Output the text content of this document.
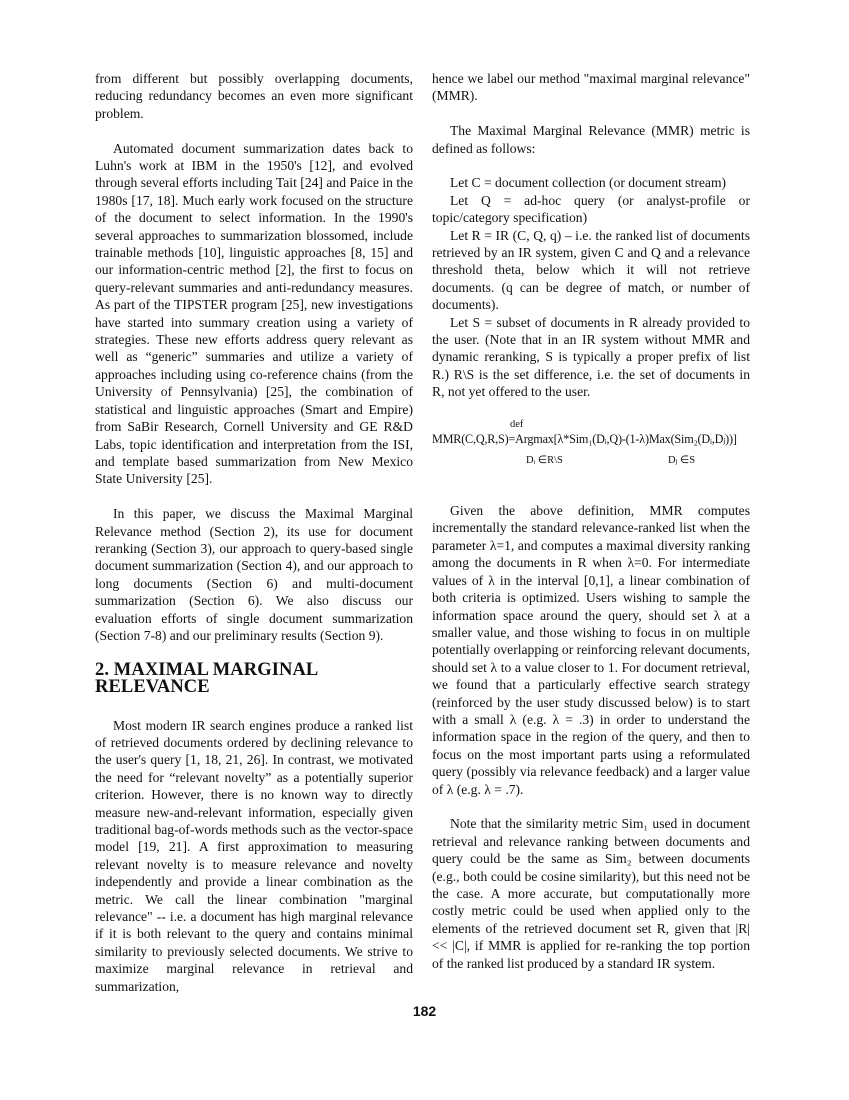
from different but possibly overlapping documents, reducing redundancy becomes an even more significant problem.

Automated document summarization dates back to Luhn's work at IBM in the 1950's [12], and evolved through several efforts including Tait [24] and Paice in the 1980s [17, 18]. Much early work focused on the structure of the document to select information. In the 1990's several approaches to summarization blossomed, include trainable methods [10], linguistic approaches [8, 15] and our information-centric method [2], the first to focus on query-relevant summaries and anti-redundancy measures. As part of the TIPSTER program [25], new investigations have started into summary creation using a variety of strategies. These new efforts address query relevant as well as “generic” summaries and utilize a variety of approaches including using co-reference chains (from the University of Pennsylvania) [25], the combination of statistical and linguistic approaches (Smart and Empire) from SaBir Research, Cornell University and GE R&D Labs, topic identification and interpretation from the ISI, and template based summarization from New Mexico State University [25].

In this paper, we discuss the Maximal Marginal Relevance method (Section 2), its use for document reranking (Section 3), our approach to query-based single document summarization (Section 4), and our approach to long documents (Section 6) and multi-document summarization (Section 6). We also discuss our evaluation efforts of single document summarization (Section 7-8) and our preliminary results (Section 9).

2. MAXIMAL MARGINAL RELEVANCE

Most modern IR search engines produce a ranked list of retrieved documents ordered by declining relevance to the user's query [1, 18, 21, 26]. In contrast, we motivated the need for “relevant novelty” as a potentially superior criterion. However, there is no known way to directly measure new-and-relevant information, especially given traditional bag-of-words methods such as the vector-space model [19, 21]. A first approximation to measuring relevant novelty is to measure relevance and novelty independently and provide a linear combination as the metric. We call the linear combination "marginal relevance" -- i.e. a document has high marginal relevance if it is both relevant to the query and contains minimal similarity to previously selected documents. We strive to maximize marginal relevance in retrieval and summarization,

hence we label our method "maximal marginal relevance" (MMR).

The Maximal Marginal Relevance (MMR) metric is defined as follows:

Let C = document collection (or document stream)

Let Q = ad-hoc query (or analyst-profile or topic/category specification)

Let R = IR (C, Q, q) – i.e. the ranked list of documents retrieved by an IR system, given C and Q and a relevance threshold theta, below which it will not retrieve documents. (q can be degree of match, or number of documents).

Let S = subset of documents in R already provided to the user. (Note that in an IR system without MMR and dynamic reranking, S is typically a proper prefix of list R.) R\S is the set difference, i.e. the set of documents in R, not yet offered to the user.

def
MMR(C,Q,R,S)=Argmax[λ*Sim₁(Dᵢ,Q)-(1-λ)Max(Sim₂(Dᵢ,Dⱼ))]
Dᵢ ∈R\S	Dⱼ ∈S

Given the above definition, MMR computes incrementally the standard relevance-ranked list when the parameter λ=1, and computes a maximal diversity ranking among the documents in R when λ=0. For intermediate values of λ in the interval [0,1], a linear combination of both criteria is optimized. Users wishing to sample the information space around the query, should set λ at a smaller value, and those wishing to focus in on multiple potentially overlapping or reinforcing relevant documents, should set λ to a value closer to 1. For document retrieval, we found that a particularly effective search strategy (reinforced by the user study discussed below) is to start with a small λ (e.g. λ = .3) in order to understand the information space in the region of the query, and then to focus on the most important parts using a reformulated query (possibly via relevance feedback) and a larger value of λ (e.g. λ = .7).

Note that the similarity metric Sim₁ used in document retrieval and relevance ranking between documents and query could be the same as Sim₂ between documents (e.g., both could be cosine similarity), but this need not be the case. A more accurate, but computationally more costly metric could be used when applied only to the elements of the retrieved document set R, given that |R| << |C|, if MMR is applied for re-ranking the top portion of the ranked list produced by a standard IR system.

182
